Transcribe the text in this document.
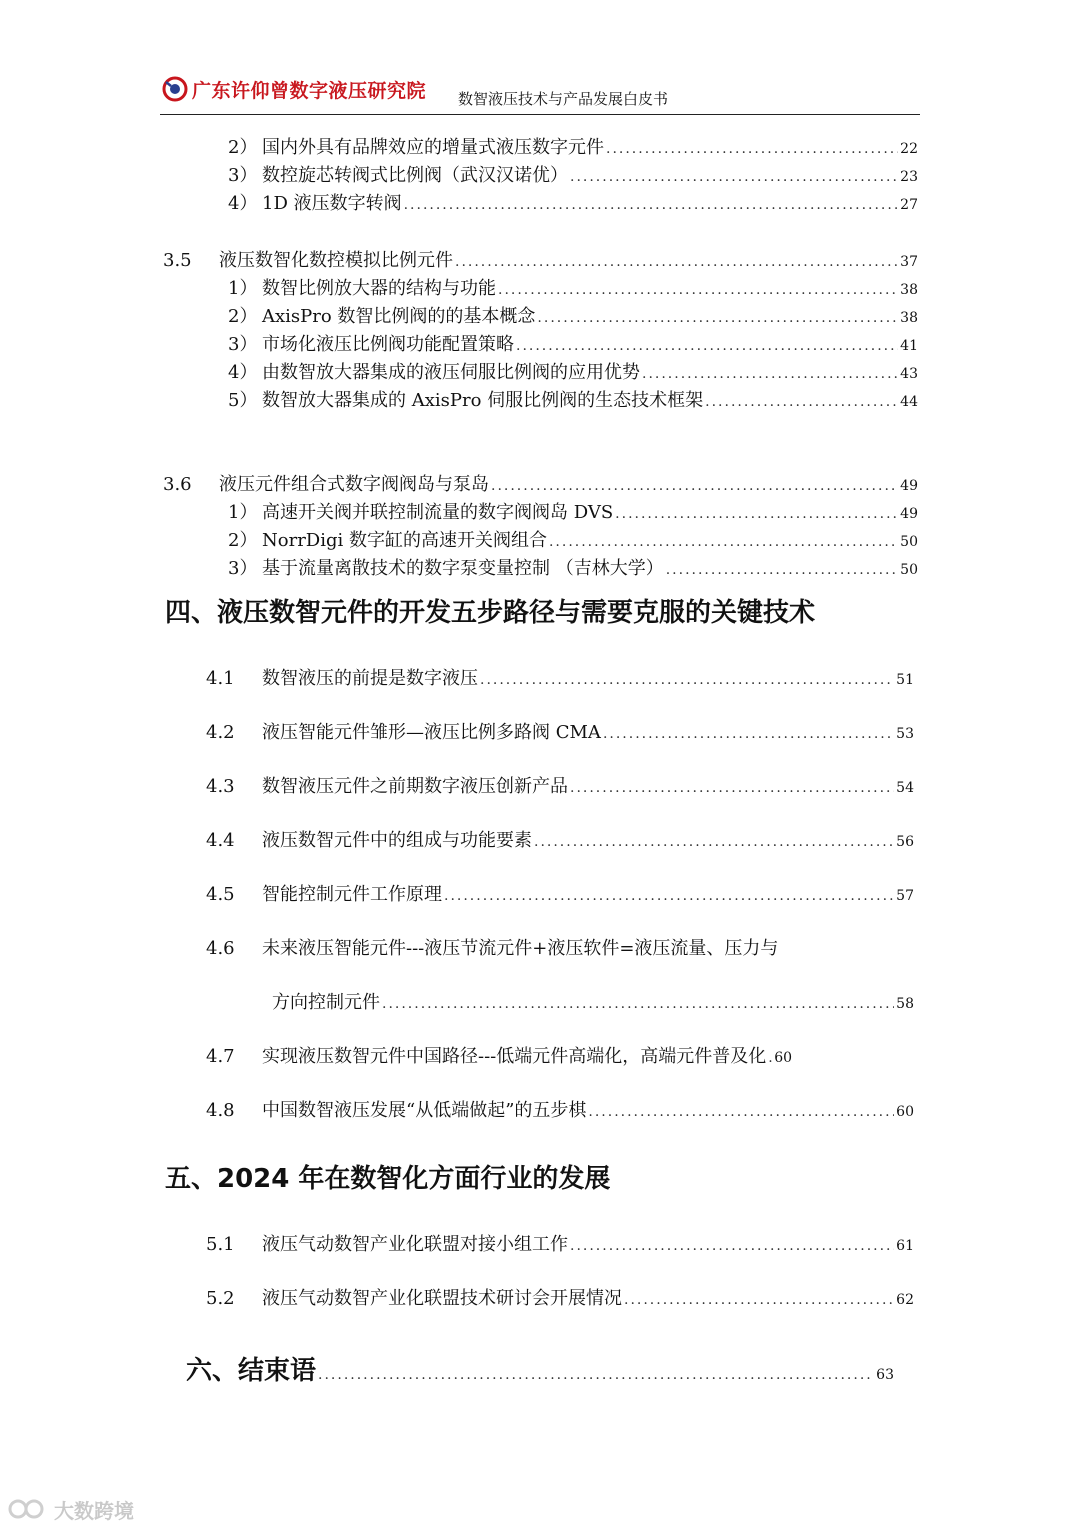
广东许仰曾数字液压研究院 数智液压技术与产品发展白皮书
2） 国内外具有品牌效应的增量式液压数字元件 .....	22
3） 数控旋芯转阀式比例阀（武汉汉诺优） .....	23
4） 1D 液压数字转阀 .....	27
3.5	液压数智化数控模拟比例元件 .....	37
1） 数智比例放大器的结构与功能 .....	38
2） AxisPro 数智比例阀的的基本概念 .....	38
3） 市场化液压比例阀功能配置策略 .....	41
4） 由数智放大器集成的液压伺服比例阀的应用优势 .....	43
5） 数智放大器集成的 AxisPro 伺服比例阀的生态技术框架 .....	44
3.6	液压元件组合式数字阀阀岛与泵岛 .....	49
1） 高速开关阀并联控制流量的数字阀阀岛 DVS .....	49
2） NorrDigi 数字缸的高速开关阀组合 .....	50
3） 基于流量离散技术的数字泵变量控制 （吉林大学） .....	50
四、液压数智元件的开发五步路径与需要克服的关键技术
4.1	数智液压的前提是数字液压 .....	51
4.2	液压智能元件雏形—液压比例多路阀 CMA .....	53
4.3	数智液压元件之前期数字液压创新产品 .....	54
4.4	液压数智元件中的组成与功能要素 .....	56
4.5	智能控制元件工作原理 .....	57
4.6	未来液压智能元件---液压节流元件+液压软件=液压流量、压力与
方向控制元件 .....	58
4.7	实现液压数智元件中国路径---低端元件高端化，高端元件普及化 ..... 60
4.8	中国数智液压发展“从低端做起”的五步棋 .....	60
五、2024 年在数智化方面行业的发展
5.1	液压气动数智产业化联盟对接小组工作 .....	61
5.2	液压气动数智产业化联盟技术研讨会开展情况 .....	62
六、结束语 .....	63
大数跨境
